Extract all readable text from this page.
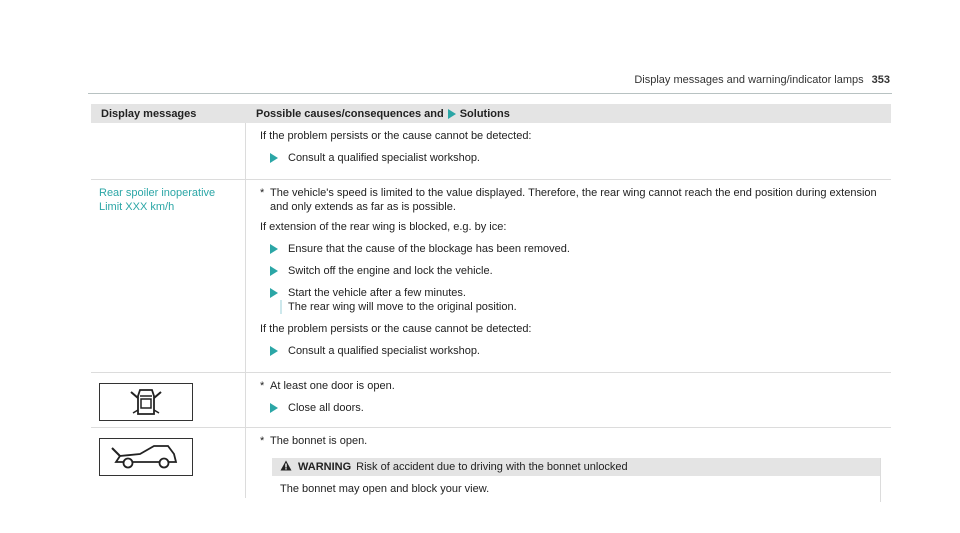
Display messages and warning/indicator lamps 353
Display messages	Possible causes/consequences and Solutions
If the problem persists or the cause cannot be detected:
Consult a qualified specialist workshop.
Rear spoiler inoperative
Limit XXX km/h
* The vehicle's speed is limited to the value displayed. Therefore, the rear wing cannot reach the end position during extension and only extends as far as is possible.
If extension of the rear wing is blocked, e.g. by ice:
Ensure that the cause of the blockage has been removed.
Switch off the engine and lock the vehicle.
Start the vehicle after a few minutes.
The rear wing will move to the original position.
If the problem persists or the cause cannot be detected:
Consult a qualified specialist workshop.
* At least one door is open.
Close all doors.
* The bonnet is open.
WARNING Risk of accident due to driving with the bonnet unlocked
The bonnet may open and block your view.
